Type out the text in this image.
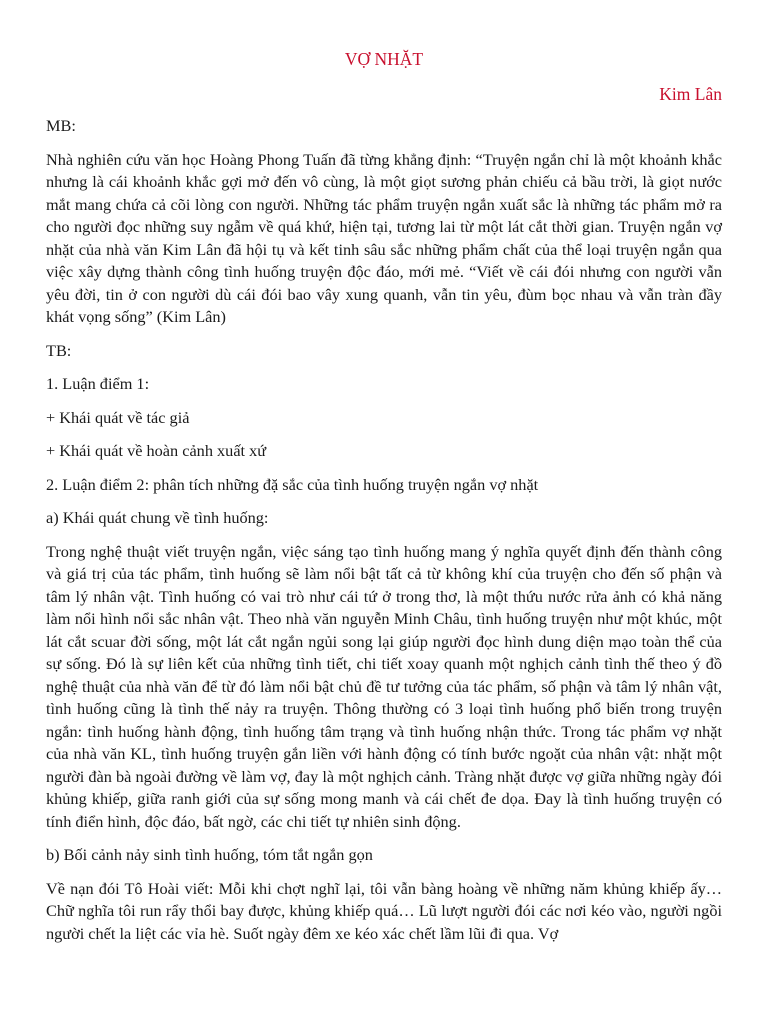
VỢ NHẶT
Kim Lân
MB:
Nhà nghiên cứu văn học Hoàng Phong Tuấn đã từng khẳng định: “Truyện ngắn chỉ là một khoảnh khắc nhưng là cái khoảnh khắc gợi mở đến vô cùng, là một giọt sương phản chiếu cả bầu trời, là giọt nước mắt mang chứa cả cõi lòng con người. Những tác phẩm truyện ngắn xuất sắc là những tác phẩm mở ra cho người đọc những suy ngẫm về quá khứ, hiện tại, tương lai từ một lát cắt thời gian. Truyện ngắn vợ nhặt của nhà văn Kim Lân đã hội tụ và kết tinh sâu sắc những phẩm chất của thể loại truyện ngắn qua việc xây dựng thành công tình huống truyện độc đáo, mới mẻ. “Viết về cái đói nhưng con người vẫn yêu đời, tin ở con người dù cái đói bao vây xung quanh, vẫn tin yêu, đùm bọc nhau và vẫn tràn đầy khát vọng sống” (Kim Lân)
TB:
1. Luận điểm 1:
+ Khái quát về tác giả
+ Khái quát về hoàn cảnh xuất xứ
2. Luận điểm 2: phân tích những đặ sắc của tình huống truyện ngắn vợ nhặt
a) Khái quát chung về tình huống:
Trong nghệ thuật viết truyện ngắn, việc sáng tạo tình huống mang ý nghĩa quyết định đến thành công và giá trị của tác phẩm, tình huống sẽ làm nổi bật tất cả từ không khí của truyện cho đến số phận và tâm lý nhân vật. Tình huống có vai trò như cái tứ ở trong thơ, là một thứu nước rửa ảnh có khả năng làm nổi hình nổi sắc nhân vật. Theo nhà văn nguyễn Minh Châu, tình huống truyện như một khúc, một lát cắt scuar đời sống, một lát cắt ngắn ngủi song lại giúp người đọc hình dung diện mạo toàn thể của sự sống. Đó là sự liên kết của những tình tiết, chi tiết xoay quanh một nghịch cảnh tình thế theo ý đồ nghệ thuật của nhà văn để từ đó làm nổi bật chủ đề tư tưởng của tác phẩm, số phận và tâm lý nhân vật, tình huống cũng là tình thế nảy ra truyện. Thông thường có 3 loại tình huống phổ biến trong truyện ngắn: tình huống hành động, tình huống tâm trạng và tình huống nhận thức. Trong tác phẩm vợ nhặt của nhà văn KL, tình huống truyện gắn liền với hành động có tính bước ngoặt của nhân vật: nhặt một người đàn bà ngoài đường về làm vợ, đay là một nghịch cảnh. Tràng nhặt được vợ giữa những ngày đói khủng khiếp, giữa ranh giới của sự sống mong manh và cái chết đe dọa. Đay là tình huống truyện có tính điển hình, độc đáo, bất ngờ, các chi tiết tự nhiên sinh động.
b) Bối cảnh nảy sinh tình huống, tóm tắt ngắn gọn
Về nạn đói Tô Hoài viết: Mỗi khi chợt nghĩ lại, tôi vẫn bàng hoàng về những năm khủng khiếp ấy… Chữ nghĩa tôi run rẩy thổi bay được, khủng khiếp quá… Lũ lượt người đói các nơi kéo vào, người ngồi người chết la liệt các vỉa hè. Suốt ngày đêm xe kéo xác chết lầm lũi đi qua. Vợ
